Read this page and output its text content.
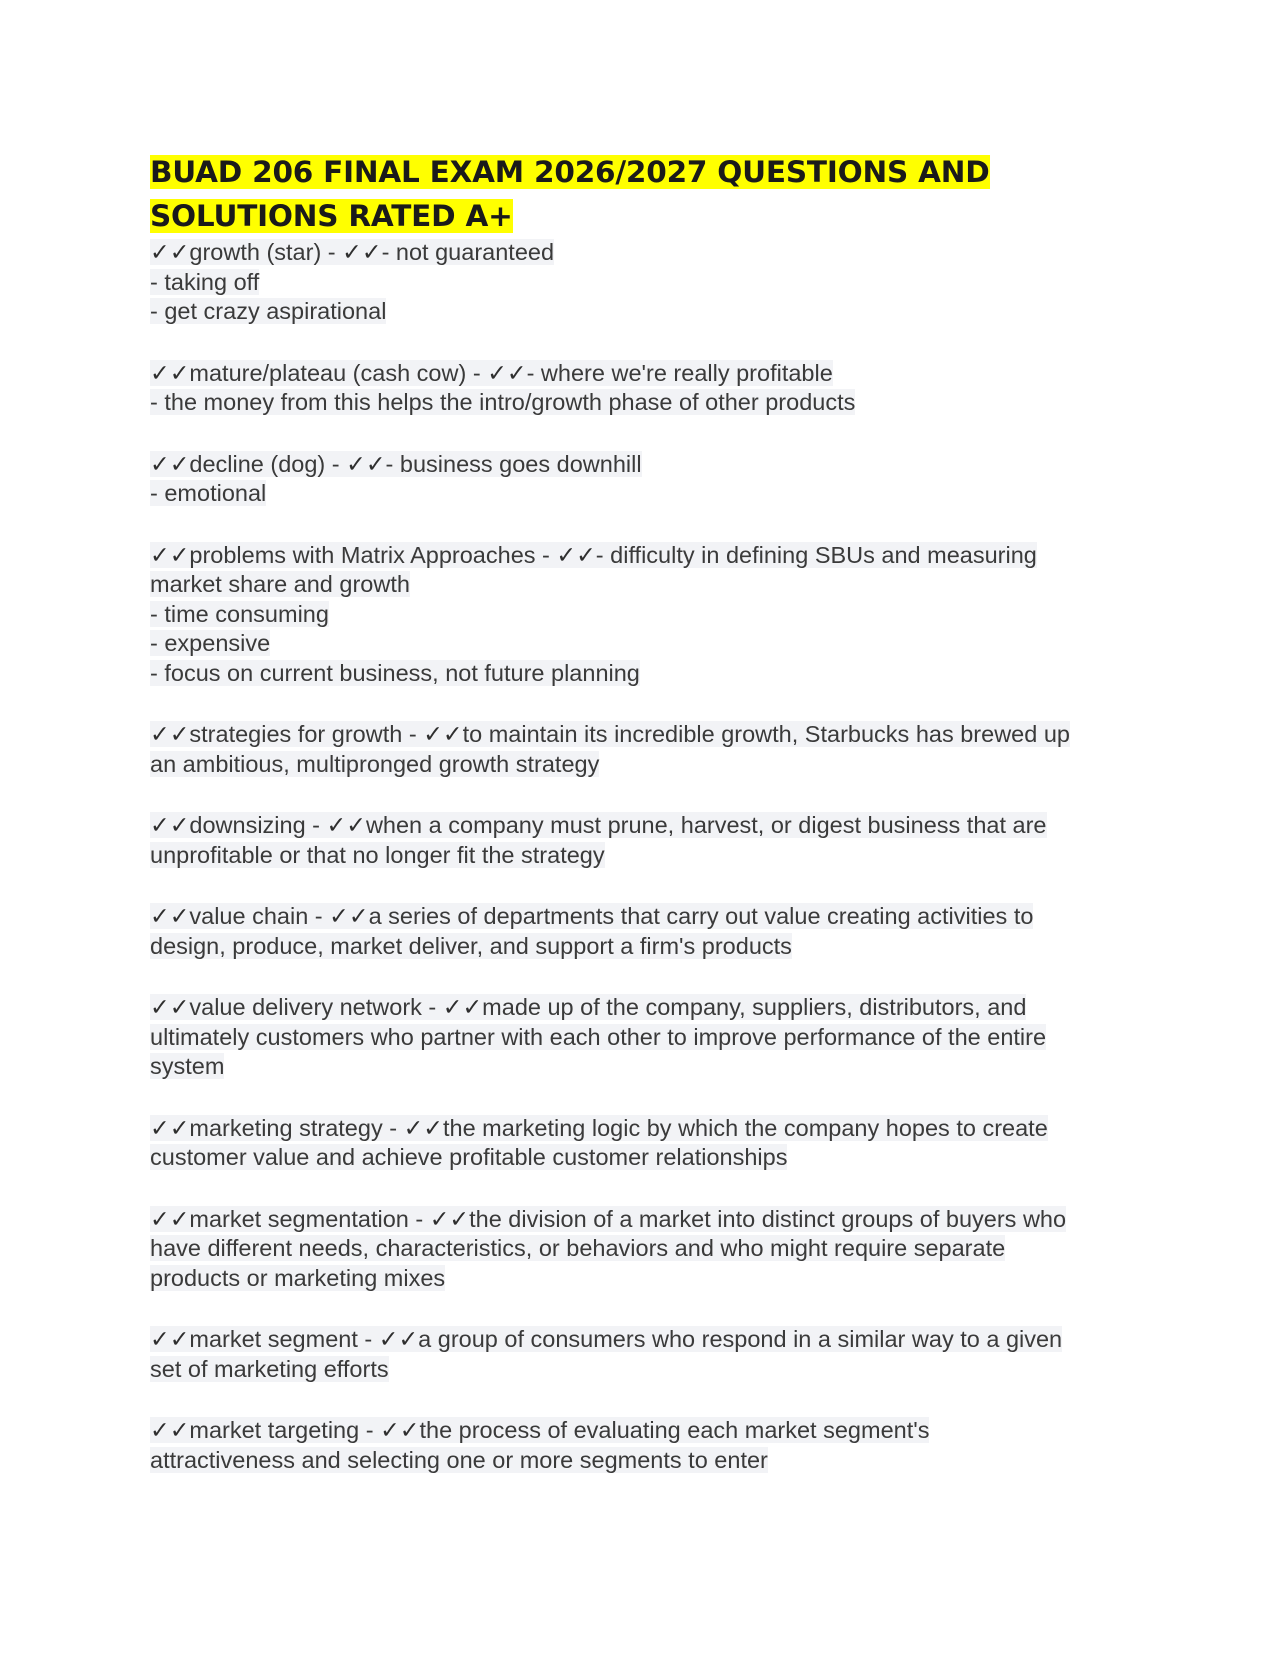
BUAD 206 FINAL EXAM 2026/2027 QUESTIONS AND
SOLUTIONS RATED A+
✓✓growth (star) - ✓✓- not guaranteed
- taking off
- get crazy aspirational
✓✓mature/plateau (cash cow) - ✓✓- where we're really profitable
- the money from this helps the intro/growth phase of other products
✓✓decline (dog) - ✓✓- business goes downhill
- emotional
✓✓problems with Matrix Approaches - ✓✓- difficulty in defining SBUs and measuring
market share and growth
- time consuming
- expensive
- focus on current business, not future planning
✓✓strategies for growth - ✓✓to maintain its incredible growth, Starbucks has brewed up
an ambitious, multipronged growth strategy
✓✓downsizing - ✓✓when a company must prune, harvest, or digest business that are
unprofitable or that no longer fit the strategy
✓✓value chain - ✓✓a series of departments that carry out value creating activities to
design, produce, market deliver, and support a firm's products
✓✓value delivery network - ✓✓made up of the company, suppliers, distributors, and
ultimately customers who partner with each other to improve performance of the entire
system
✓✓marketing strategy - ✓✓the marketing logic by which the company hopes to create
customer value and achieve profitable customer relationships
✓✓market segmentation - ✓✓the division of a market into distinct groups of buyers who
have different needs, characteristics, or behaviors and who might require separate
products or marketing mixes
✓✓market segment - ✓✓a group of consumers who respond in a similar way to a given
set of marketing efforts
✓✓market targeting - ✓✓the process of evaluating each market segment's
attractiveness and selecting one or more segments to enter
